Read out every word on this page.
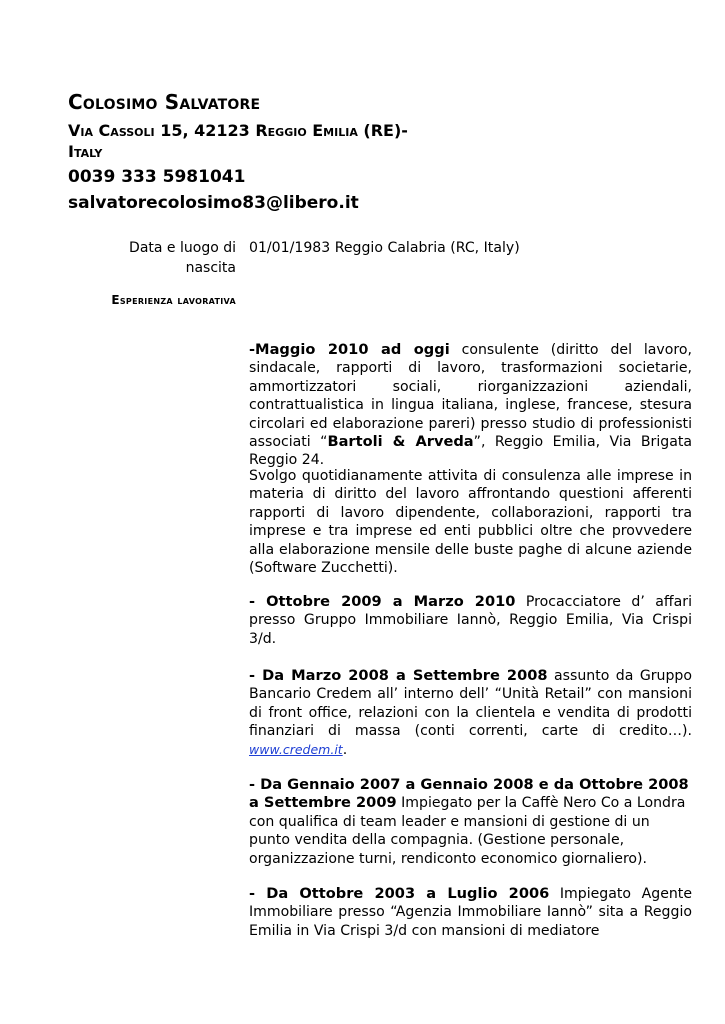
Colosimo Salvatore
Via Cassoli 15, 42123 Reggio Emilia (RE)-
Italy
0039 333 5981041
salvatorecolosimo83@libero.it
Data e luogo di nascita
01/01/1983 Reggio Calabria (RC, Italy)
Esperienza lavorativa
-Maggio 2010 ad oggi consulente (diritto del lavoro, sindacale, rapporti di lavoro, trasformazioni societarie, ammortizzatori sociali, riorganizzazioni aziendali, contrattualistica in lingua italiana, inglese, francese, stesura circolari ed elaborazione pareri) presso studio di professionisti associati “Bartoli & Arveda”, Reggio Emilia, Via Brigata Reggio 24.
Svolgo quotidianamente attivita di consulenza alle imprese in materia di diritto del lavoro affrontando questioni afferenti rapporti di lavoro dipendente, collaborazioni, rapporti tra imprese e tra imprese ed enti pubblici oltre che provvedere alla elaborazione mensile delle buste paghe di alcune aziende (Software Zucchetti).
- Ottobre 2009 a Marzo 2010 Procacciatore d’ affari presso Gruppo Immobiliare Iannò, Reggio Emilia, Via Crispi 3/d.
- Da Marzo 2008 a Settembre 2008 assunto da Gruppo Bancario Credem all’ interno dell’ “Unità Retail” con mansioni di front office, relazioni con la clientela e vendita di prodotti finanziari di massa (conti correnti, carte di credito…). www.credem.it.
- Da Gennaio 2007 a Gennaio 2008 e da Ottobre 2008 a Settembre 2009 Impiegato per la Caffè Nero Co a Londra con qualifica di team leader e mansioni di gestione di un punto vendita della compagnia. (Gestione personale, organizzazione turni, rendiconto economico giornaliero).
- Da Ottobre 2003 a Luglio 2006 Impiegato Agente Immobiliare presso “Agenzia Immobiliare Iannò” sita a Reggio Emilia in Via Crispi 3/d con mansioni di mediatore
